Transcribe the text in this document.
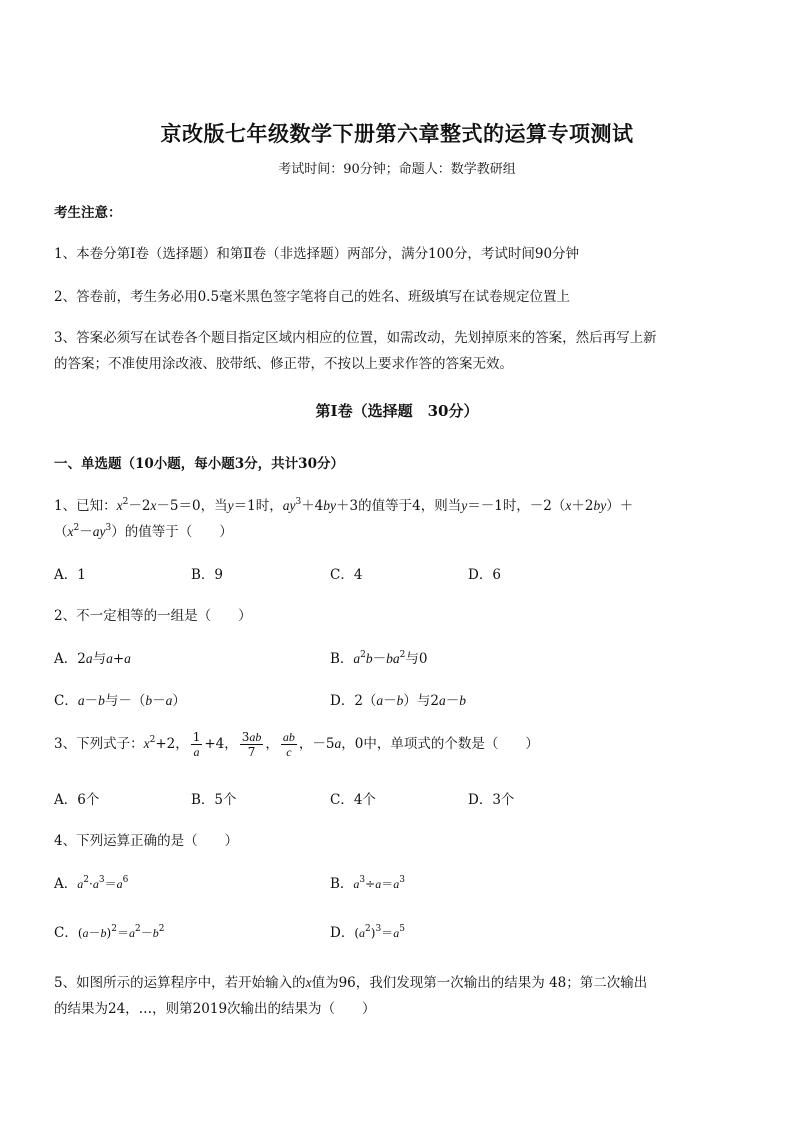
京改版七年级数学下册第六章整式的运算专项测试
考试时间：90分钟；命题人：数学教研组
考生注意：
1、本卷分第Ⅰ卷（选择题）和第Ⅱ卷（非选择题）两部分，满分100分，考试时间90分钟
2、答卷前，考生务必用0.5毫米黑色签字笔将自己的姓名、班级填写在试卷规定位置上
3、答案必须写在试卷各个题目指定区域内相应的位置，如需改动，先划掉原来的答案，然后再写上新
的答案；不准使用涂改液、胶带纸、修正带，不按以上要求作答的答案无效。
第Ⅰ卷（选择题　30分）
一、单选题（10小题，每小题3分，共计30分）
1、已知：$x^2-2x-5=0$，当y＝1时，$ay^3+4by+3$的值等于4，则当y＝－1时，－2（x＋2by）＋
$(x^2-ay^3)$的值等于（　　）
A．1	B．9	C．4	D．6
2、不一定相等的一组是（　　）
A．2a与a+a	B．$a^2b-ba^2$与0
C．a－b与－（b－a）	D．2（a－b）与2a－b
3、下列式子：$x^2+2$， $\frac{1}{a} +4$， $\frac{3ab}{7}$ ， $\frac{ab}{c}$ ，－5a，0中，单项式的个数是（　　）
A．6个	B．5个	C．4个	D．3个
4、下列运算正确的是（　　）
A．$a^2\cdot a^3=a^6$	B．$a^3\div a=a^3$
C．$(a-b)^2=a^2-b^2$	D．$(a^2)^3=a^5$
5、如图所示的运算程序中，若开始输入的x值为96，我们发现第一次输出的结果为 48；第二次输出
的结果为24，…，则第2019次输出的结果为（　　）
